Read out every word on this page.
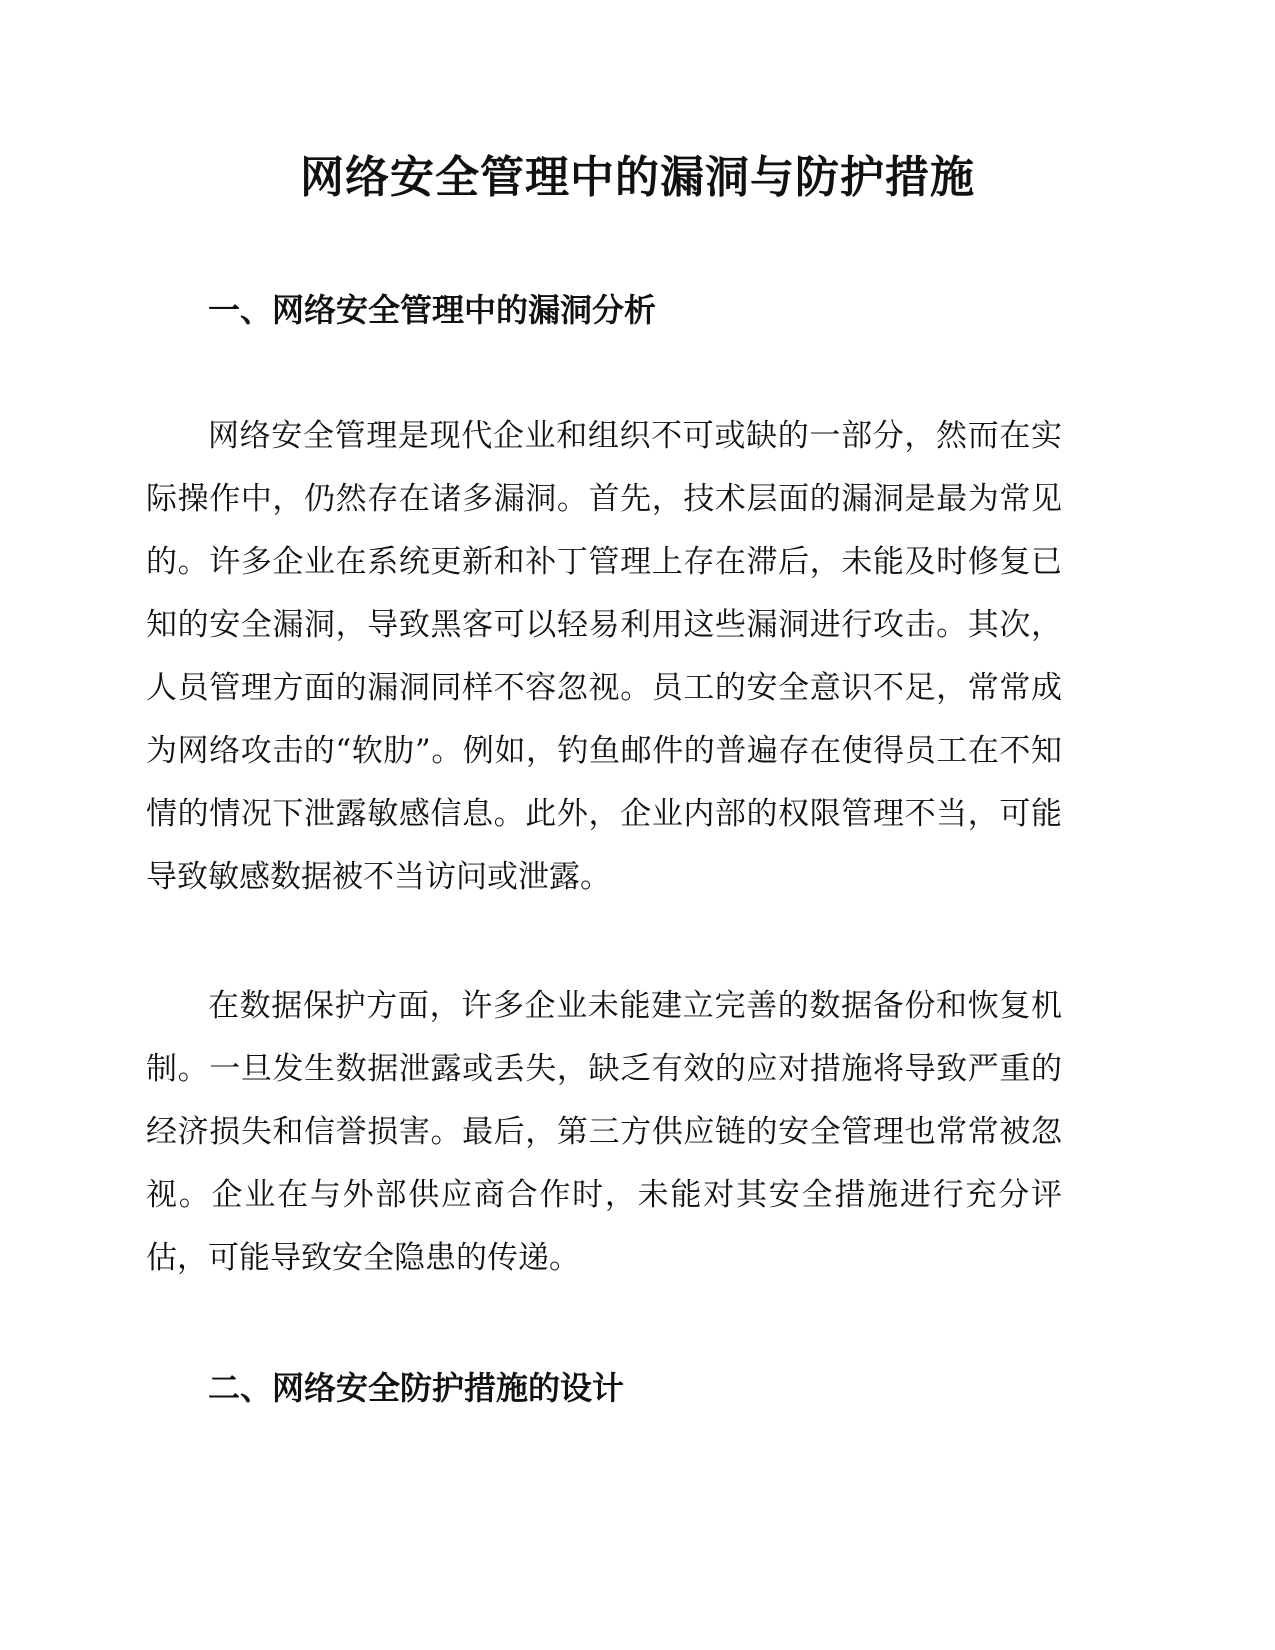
网络安全管理中的漏洞与防护措施
一、网络安全管理中的漏洞分析

网络安全管理是现代企业和组织不可或缺的一部分，然而在实际操作中，仍然存在诸多漏洞。首先，技术层面的漏洞是最为常见的。许多企业在系统更新和补丁管理上存在滞后，未能及时修复已知的安全漏洞，导致黑客可以轻易利用这些漏洞进行攻击。其次，人员管理方面的漏洞同样不容忽视。员工的安全意识不足，常常成为网络攻击的“软肋”。例如，钓鱼邮件的普遍存在使得员工在不知情的情况下泄露敏感信息。此外，企业内部的权限管理不当，可能导致敏感数据被不当访问或泄露。

在数据保护方面，许多企业未能建立完善的数据备份和恢复机制。一旦发生数据泄露或丢失，缺乏有效的应对措施将导致严重的经济损失和信誉损害。最后，第三方供应链的安全管理也常常被忽视。企业在与外部供应商合作时，未能对其安全措施进行充分评估，可能导致安全隐患的传递。

二、网络安全防护措施的设计
